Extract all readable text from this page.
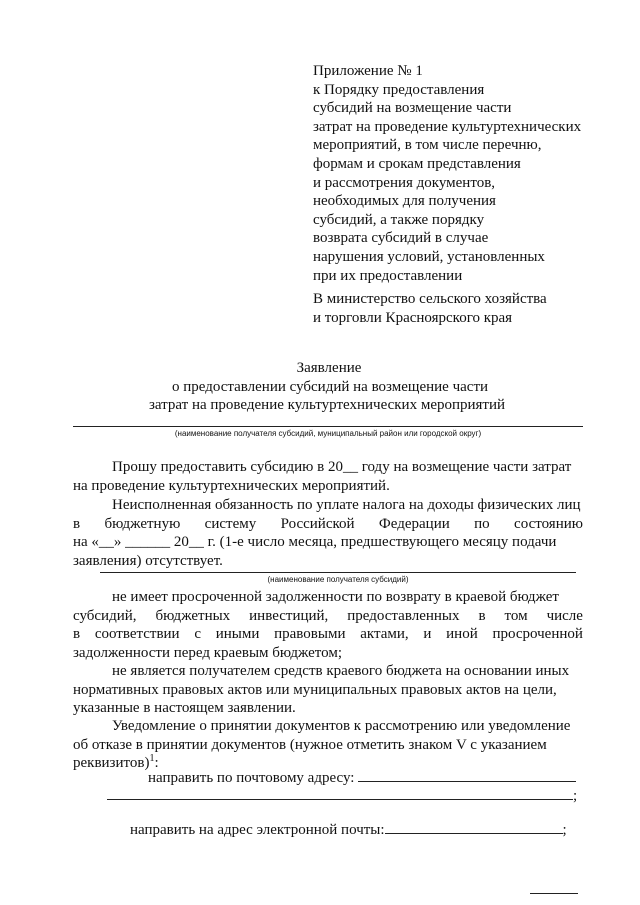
Приложение № 1
к Порядку предоставления
субсидий на возмещение части
затрат на проведение культуртехнических
мероприятий, в том числе перечню,
формам и срокам представления
и рассмотрения документов,
необходимых для получения
субсидий, а также порядку
возврата субсидий в случае
нарушения условий, установленных
при их предоставлении
В министерство сельского хозяйства
и торговли Красноярского края
Заявление
о предоставлении субсидий на возмещение части
затрат на проведение культуртехнических мероприятий
(наименование получателя субсидий, муниципальный район или городской округ)
Прошу предоставить субсидию в 20__ году на возмещение части затрат
на проведение культуртехнических мероприятий.
Неисполненная обязанность по уплате налога на доходы физических лиц
в бюджетную систему Российской Федерации по состоянию
на «__» ______ 20__ г. (1-е число месяца, предшествующего месяцу подачи
заявления) отсутствует.
(наименование получателя субсидий)
не имеет просроченной задолженности по возврату в краевой бюджет
субсидий, бюджетных инвестиций, предоставленных в том числе
в соответствии с иными правовыми актами, и иной просроченной
задолженности перед краевым бюджетом;
не является получателем средств краевого бюджета на основании иных
нормативных правовых актов или муниципальных правовых актов на цели,
указанные в настоящем заявлении.
Уведомление о принятии документов к рассмотрению или уведомление
об отказе в принятии документов (нужное отметить знаком V с указанием
реквизитов)$^1$:
направить по почтовому адресу:
;
направить на адрес электронной почты:	;
